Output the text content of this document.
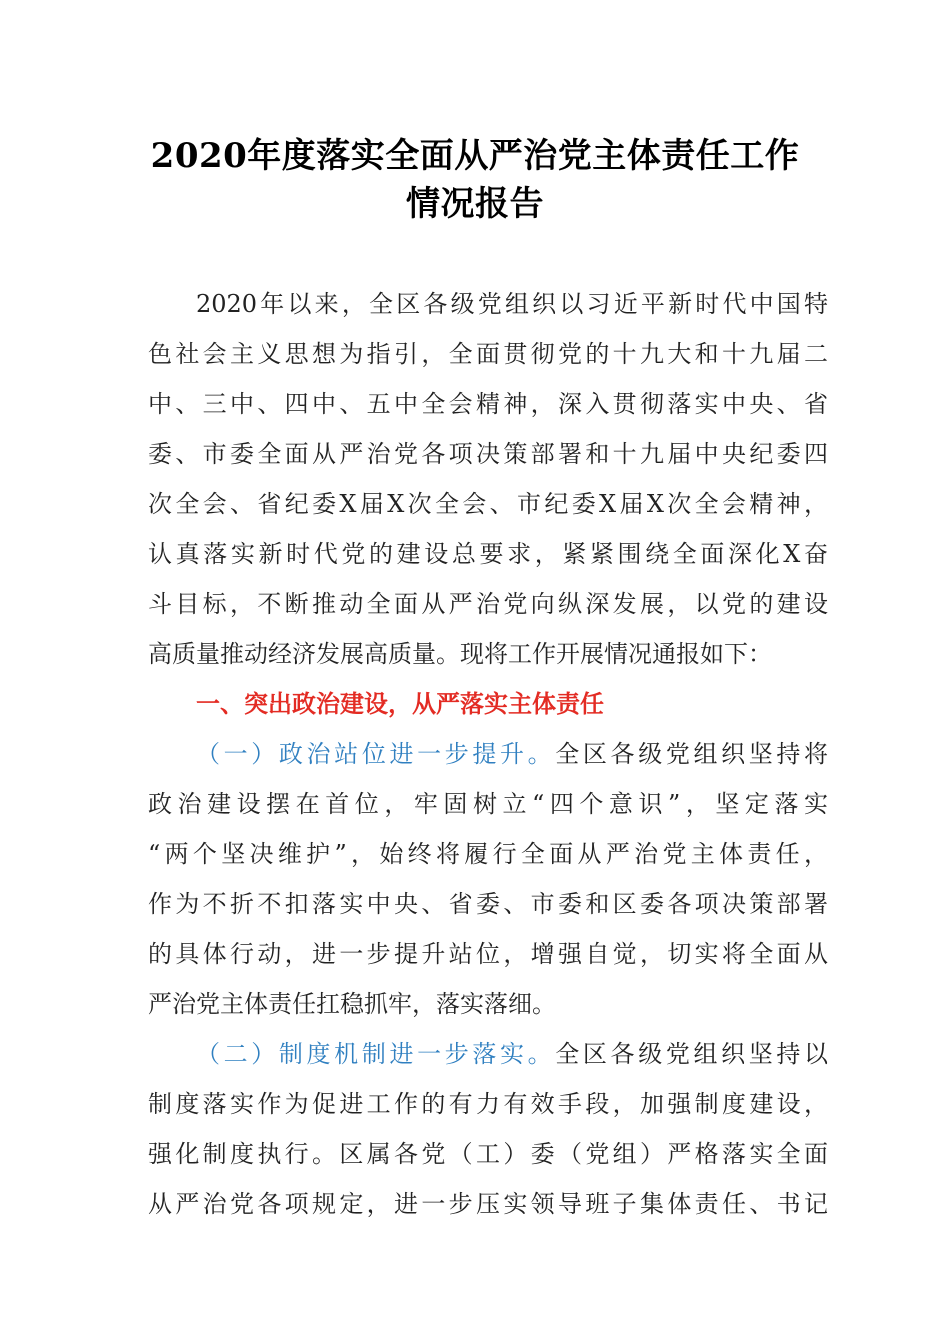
2020年度落实全面从严治党主体责任工作
情况报告
2020年以来，全区各级党组织以习近平新时代中国特
色社会主义思想为指引，全面贯彻党的十九大和十九届二
中、三中、四中、五中全会精神，深入贯彻落实中央、省
委、市委全面从严治党各项决策部署和十九届中央纪委四
次全会、省纪委X届X次全会、市纪委X届X次全会精神，
认真落实新时代党的建设总要求，紧紧围绕全面深化X奋
斗目标，不断推动全面从严治党向纵深发展，以党的建设
高质量推动经济发展高质量。现将工作开展情况通报如下：
一、突出政治建设，从严落实主体责任
（一）政治站位进一步提升。全区各级党组织坚持将
政治建设摆在首位，牢固树立“四个意识”，坚定落实
“两个坚决维护”，始终将履行全面从严治党主体责任，
作为不折不扣落实中央、省委、市委和区委各项决策部署
的具体行动，进一步提升站位，增强自觉，切实将全面从
严治党主体责任扛稳抓牢，落实落细。
（二）制度机制进一步落实。全区各级党组织坚持以
制度落实作为促进工作的有力有效手段，加强制度建设，
强化制度执行。区属各党（工）委（党组）严格落实全面
从严治党各项规定，进一步压实领导班子集体责任、书记
